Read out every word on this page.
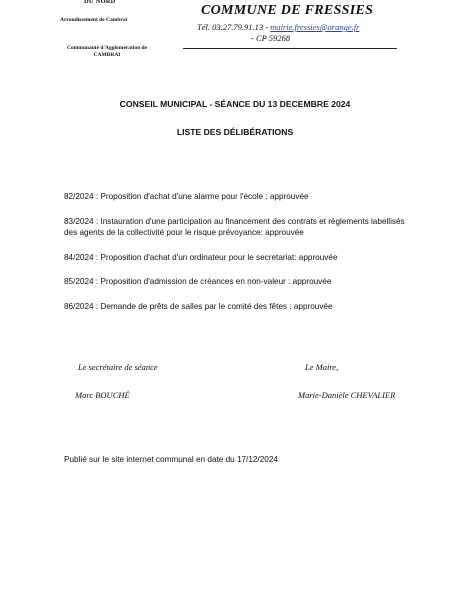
DU NORD
Arrondissement de Cambrai
Communauté d'Agglomération de CAMBRAI
COMMUNE DE FRESSIES
Tél. 03.27.79.91.13 - mairie.fressies@orange.fr
- CP 59268
CONSEIL MUNICIPAL - SÉANCE DU 13 DECEMBRE 2024
LISTE DES DÉLIBÉRATIONS

82/2024 : Proposition d'achat d'une alarme pour l'école : approuvée

83/2024 : Instauration d'une participation au financement des contrats et règlements labellisés des agents de la collectivité pour le risque prévoyance: approuvée

84/2024 : Proposition d'achat d'un ordinateur pour le secretariat: approuvée

85/2024 : Proposition d'admission de créances en non-valeur : approuvée

86/2024 : Demande de prêts de salles par le comité des fêtes : approuvée

Le secrétaire de séance	Le Maire,
Marc BOUCHÉ	Marie-Danièle CHEVALIER
Publié sur le site internet communal en date du 17/12/2024
